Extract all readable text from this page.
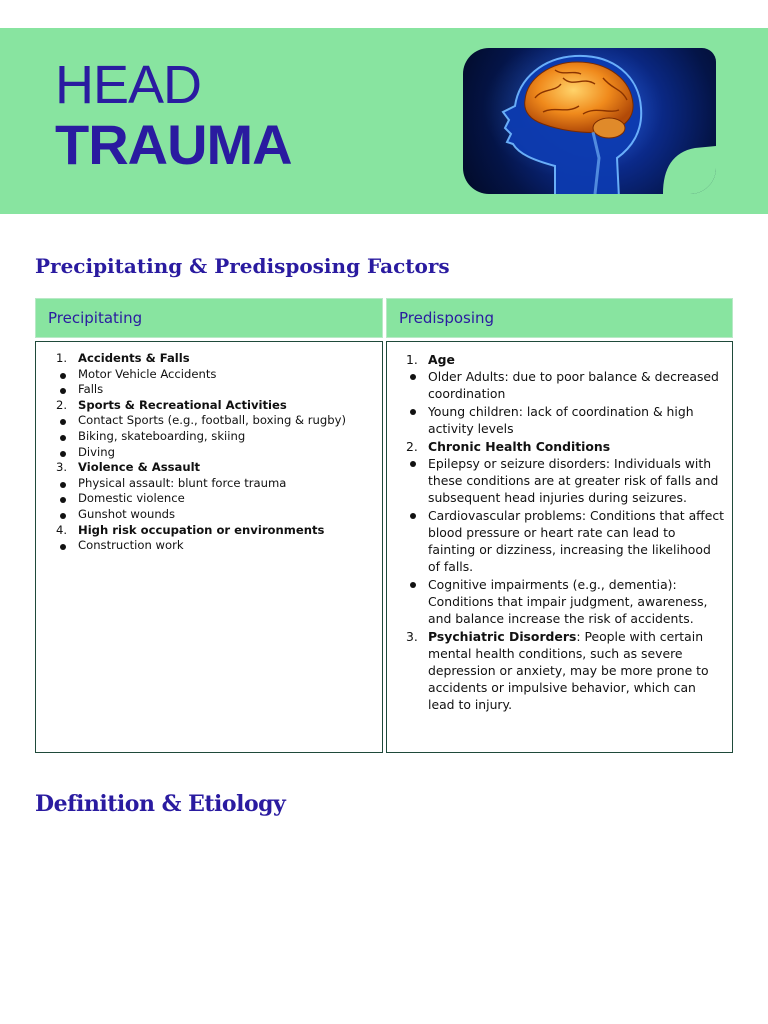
HEAD
TRAUMA
Precipitating & Predisposing Factors
Precipitating	Predisposing
1. Accidents & Falls
Motor Vehicle Accidents
Falls
2. Sports & Recreational Activities
Contact Sports (e.g., football, boxing & rugby)
Biking, skateboarding, skiing
Diving
3. Violence & Assault
Physical assault: blunt force trauma
Domestic violence
Gunshot wounds
4. High risk occupation or environments
Construction work
1. Age
Older Adults: due to poor balance & decreased coordination
Young children: lack of coordination & high activity levels
2. Chronic Health Conditions
Epilepsy or seizure disorders: Individuals with these conditions are at greater risk of falls and subsequent head injuries during seizures.
Cardiovascular problems: Conditions that affect blood pressure or heart rate can lead to fainting or dizziness, increasing the likelihood of falls.
Cognitive impairments (e.g., dementia): Conditions that impair judgment, awareness, and balance increase the risk of accidents.
3. Psychiatric Disorders: People with certain mental health conditions, such as severe depression or anxiety, may be more prone to accidents or impulsive behavior, which can lead to injury.
Definition & Etiology
